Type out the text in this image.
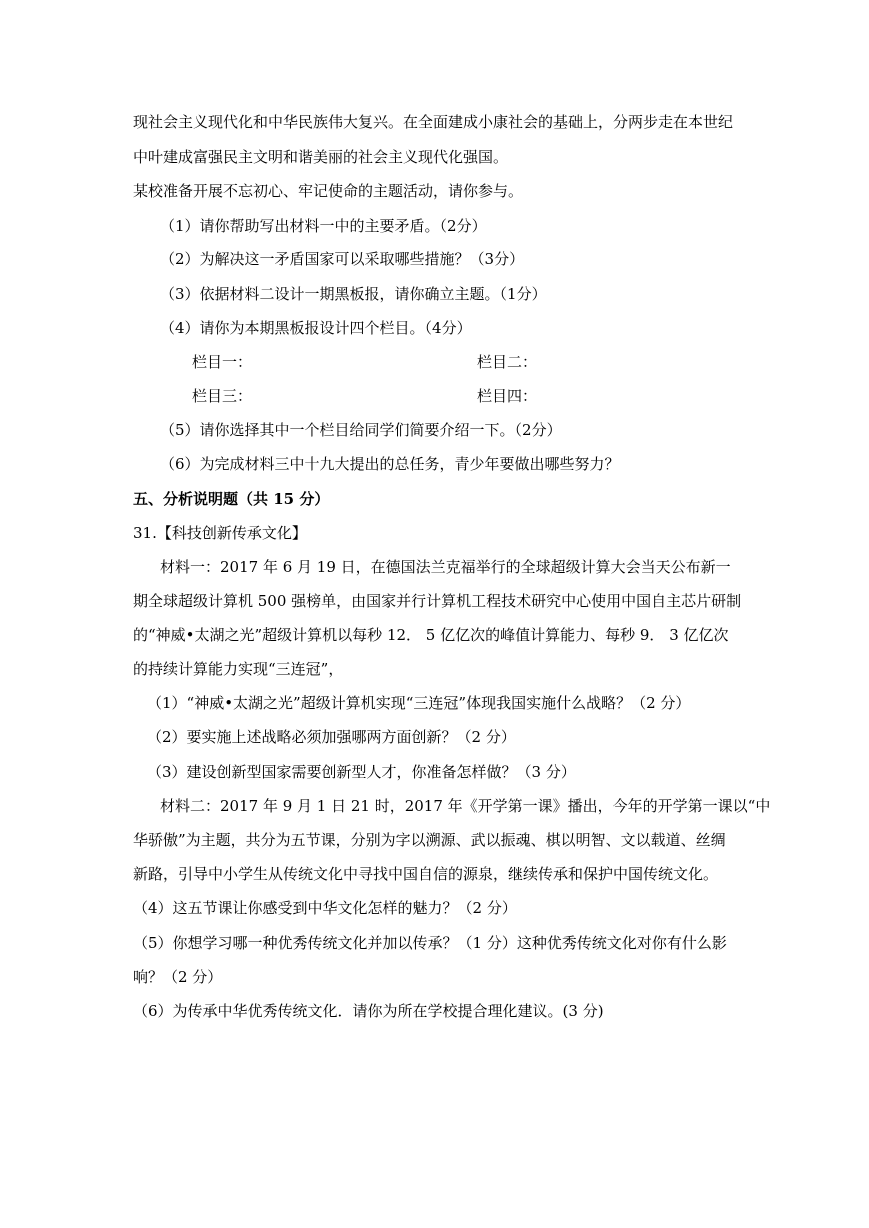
现社会主义现代化和中华民族伟大复兴。在全面建成小康社会的基础上，分两步走在本世纪
中叶建成富强民主文明和谐美丽的社会主义现代化强国。
某校准备开展不忘初心、牢记使命的主题活动，请你参与。
（1）请你帮助写出材料一中的主要矛盾。（2分）
（2）为解决这一矛盾国家可以采取哪些措施？（3分）
（3）依据材料二设计一期黑板报，请你确立主题。（1分）
（4）请你为本期黑板报设计四个栏目。（4分）
栏目一：	栏目二：
栏目三：	栏目四：
（5）请你选择其中一个栏目给同学们简要介绍一下。（2分）
（6）为完成材料三中十九大提出的总任务，青少年要做出哪些努力？
五、分析说明题（共 15 分）
31.【科技创新传承文化】
材料一：2017 年 6 月 19 日，在德国法兰克福举行的全球超级计算大会当天公布新一
期全球超级计算机 500 强榜单，由国家并行计算机工程技术研究中心使用中国自主芯片研制
的“神威•太湖之光”超级计算机以每秒 12． 5 亿亿次的峰值计算能力、每秒 9． 3 亿亿次
的持续计算能力实现“三连冠”，
（1）“神威•太湖之光”超级计算机实现“三连冠”体现我国实施什么战略？（2 分）
（2）要实施上述战略必须加强哪两方面创新？（2 分）
（3）建设创新型国家需要创新型人才，你准备怎样做？（3 分）
材料二：2017 年 9 月 1 日 21 时，2017 年《开学第一课》播出，今年的开学第一课以“中
华骄傲”为主题，共分为五节课，分别为字以溯源、武以振魂、棋以明智、文以载道、丝绸
新路，引导中小学生从传统文化中寻找中国自信的源泉，继续传承和保护中国传统文化。
（4）这五节课让你感受到中华文化怎样的魅力？（2 分）
（5）你想学习哪一种优秀传统文化并加以传承？（1 分）这种优秀传统文化对你有什么影
响？（2 分）
（6）为传承中华优秀传统文化．请你为所在学校提合理化建议。(3 分)
